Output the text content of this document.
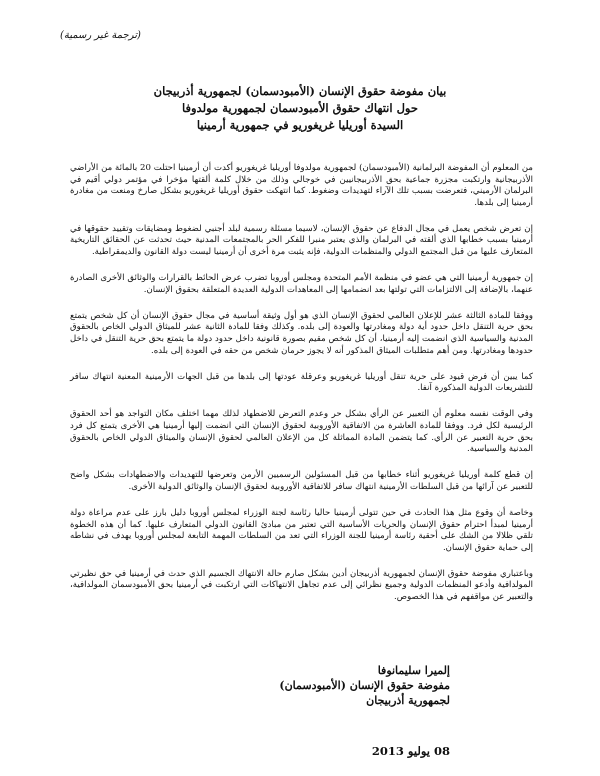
(ترجمة غير رسمية)
بيان مفوضة حقوق الإنسان (الأمبودسمان) لجمهورية أذربيجان
حول انتهاك حقوق الأمبودسمان لجمهورية مولدوفا
السيدة أوريليا غريغوريو في جمهورية أرمينيا

من المعلوم أن المفوضة البرلمانية (الأمبودسمان) لجمهورية مولدوفا أوريليا غريغوريو أكدت أن أرمينيا احتلت 20 بالمائة من الأراضي الأذربيجانية وارتكبت مجزرة جماعية بحق الأذربيجانيين في خوجالي وذلك من خلال كلمة ألقتها مؤخرا في مؤتمر دولي أقيم في البرلمان الأرميني، فتعرضت بسبب تلك الآراء لتهديدات وضغوط. كما انتهكت حقوق أوريليا غريغوريو بشكل صارخ ومنعت من مغادرة أرمينيا إلى بلدها.

إن تعرض شخص يعمل في مجال الدفاع عن حقوق الإنسان، لاسيما مسئلة رسمية لبلد أجنبي لضغوط ومضايقات وتقييد حقوقها في أرمينيا بسبب خطابها الذي ألقته في البرلمان والذي يعتبر منبرا للفكر الحر بالمجتمعات المدنية حيث تحدثت عن الحقائق التاريخية المتعارف عليها من قبل المجتمع الدولي والمنظمات الدولية، فإنه يثبت مرة أخرى أن أرمينيا ليست دولة القانون والديمقراطية.

إن جمهورية أرمينيا التي هي عضو في منظمة الأمم المتحدة ومجلس أوروبا تضرب عرض الحائط بالقرارات والوثائق الأخرى الصادرة عنهما، بالإضافة إلى الالتزامات التي تولتها بعد انضمامها إلى المعاهدات الدولية العديدة المتعلقة بحقوق الإنسان.

ووفقا للمادة الثالثة عشر للإعلان العالمي لحقوق الإنسان الذي هو أول وثيقة أساسية في مجال حقوق الإنسان أن كل شخص يتمتع بحق حرية التنقل داخل حدود أية دولة ومغادرتها والعودة إلى بلده. وكذلك وفقا للمادة الثانية عشر للميثاق الدولي الخاص بالحقوق المدنية والسياسية الذي انضمت إليه أرمينيا، أن كل شخص مقيم بصورة قانونية داخل حدود دولة ما يتمتع بحق حرية التنقل في داخل حدودها ومغادرتها. ومن أهم متطلبات الميثاق المذكور أنه لا يجوز حرمان شخص من حقه في العودة إلى بلده.

كما يبين أن فرض قيود على حرية تنقل أوريليا غريغوريو وعرقلة عودتها إلى بلدها من قبل الجهات الأرمينية المعنية انتهاك سافر للتشريعات الدولية المذكورة آنفا.

وفي الوقت نفسه معلوم أن التعبير عن الرأي بشكل حر وعدم التعرض للاضطهاد لذلك مهما اختلف مكان التواجد هو أحد الحقوق الرئيسية لكل فرد. ووفقا للمادة العاشرة من الاتفاقية الأوروبية لحقوق الإنسان التي انضمت إليها أرمينيا هي الأخرى يتمتع كل فرد بحق حرية التعبير عن الرأي. كما يتضمن المادة المماثلة كل من الإعلان العالمي لحقوق الإنسان والميثاق الدولي الخاص بالحقوق المدنية والسياسية.

إن قطع كلمة أوريليا غريغوريو أثناء خطابها من قبل المسئولين الرسميين الأرمن وتعرضها للتهديدات والاضطهادات بشكل واضح للتعبير عن آرائها من قبل السلطات الأرمينية انتهاك سافر للاتفاقية الأوروبية لحقوق الإنسان والوثائق الدولية الأخرى.

وخاصة أن وقوع مثل هذا الحادث في حين تتولى أرمينيا حاليا رئاسة لجنة الوزراء لمجلس أوروبا دليل بارز على عدم مراعاة دولة أرمينيا لمبدأ احترام حقوق الإنسان والحريات الأساسية التي تعتبر من مبادئ القانون الدولي المتعارف عليها. كما أن هذه الخطوة تلقي ظلالا من الشك على أحقية رئاسة أرمينيا للجنة الوزراء التي تعد من السلطات المهمة التابعة لمجلس أوروبا يهدف في نشاطه إلى حماية حقوق الإنسان.

وباعتباري مفوضة حقوق الإنسان لجمهورية أذربيجان أدين بشكل صارم حالة الانتهاك الجسيم الذي حدث في أرمينيا في حق نظيرتي المولدافية وأدعو المنظمات الدولية وجميع نظرائي إلى عدم تجاهل الانتهاكات التي ارتكبت في أرمينيا بحق الأمبودسمان المولدافية، والتعبير عن مواقفهم في هذا الخصوص.

إلميرا سليمانوفا
مفوضة حقوق الإنسان (الأمبودسمان)
لجمهورية أذربيجان
08 يوليو 2013
